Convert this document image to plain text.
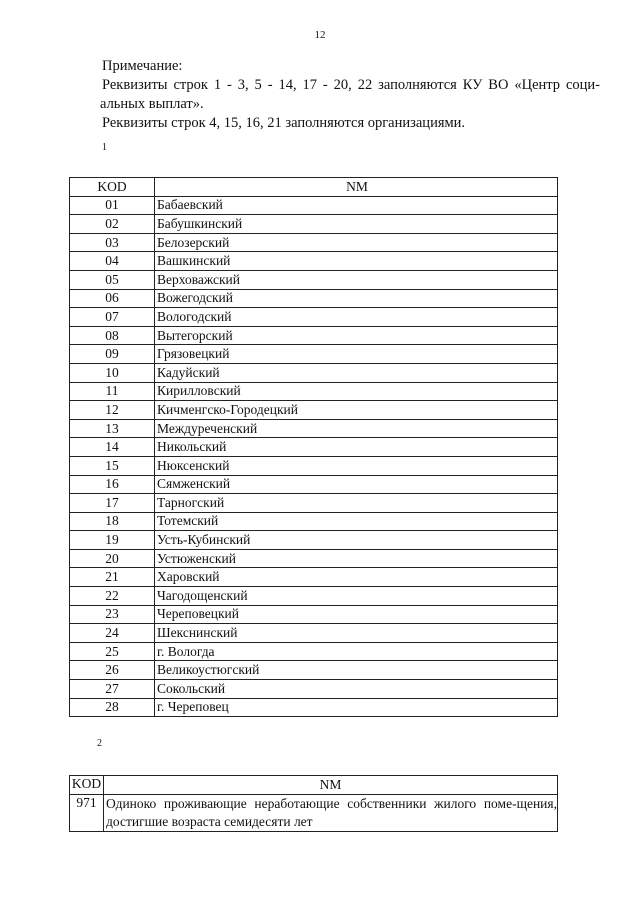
12
Примечание:
Реквизиты строк 1 - 3, 5 - 14, 17 - 20, 22 заполняются КУ ВО «Центр соци-
альных выплат».
Реквизиты строк 4, 15, 16, 21 заполняются организациями.
1
KOD	NM
01	Бабаевский
02	Бабушкинский
03	Белозерский
04	Вашкинский
05	Верховажский
06	Вожегодский
07	Вологодский
08	Вытегорский
09	Грязовецкий
10	Кадуйский
11	Кирилловский
12	Кичменгско-Городецкий
13	Междуреченский
14	Никольский
15	Нюксенский
16	Сямженский
17	Тарногский
18	Тотемский
19	Усть-Кубинский
20	Устюженский
21	Харовский
22	Чагодощенский
23	Череповецкий
24	Шекснинский
25	г. Вологда
26	Великоустюгский
27	Сокольский
28	г. Череповец
2
KOD	NM
971	Одиноко проживающие неработающие собственники жилого поме-щения, достигшие возраста семидесяти лет
